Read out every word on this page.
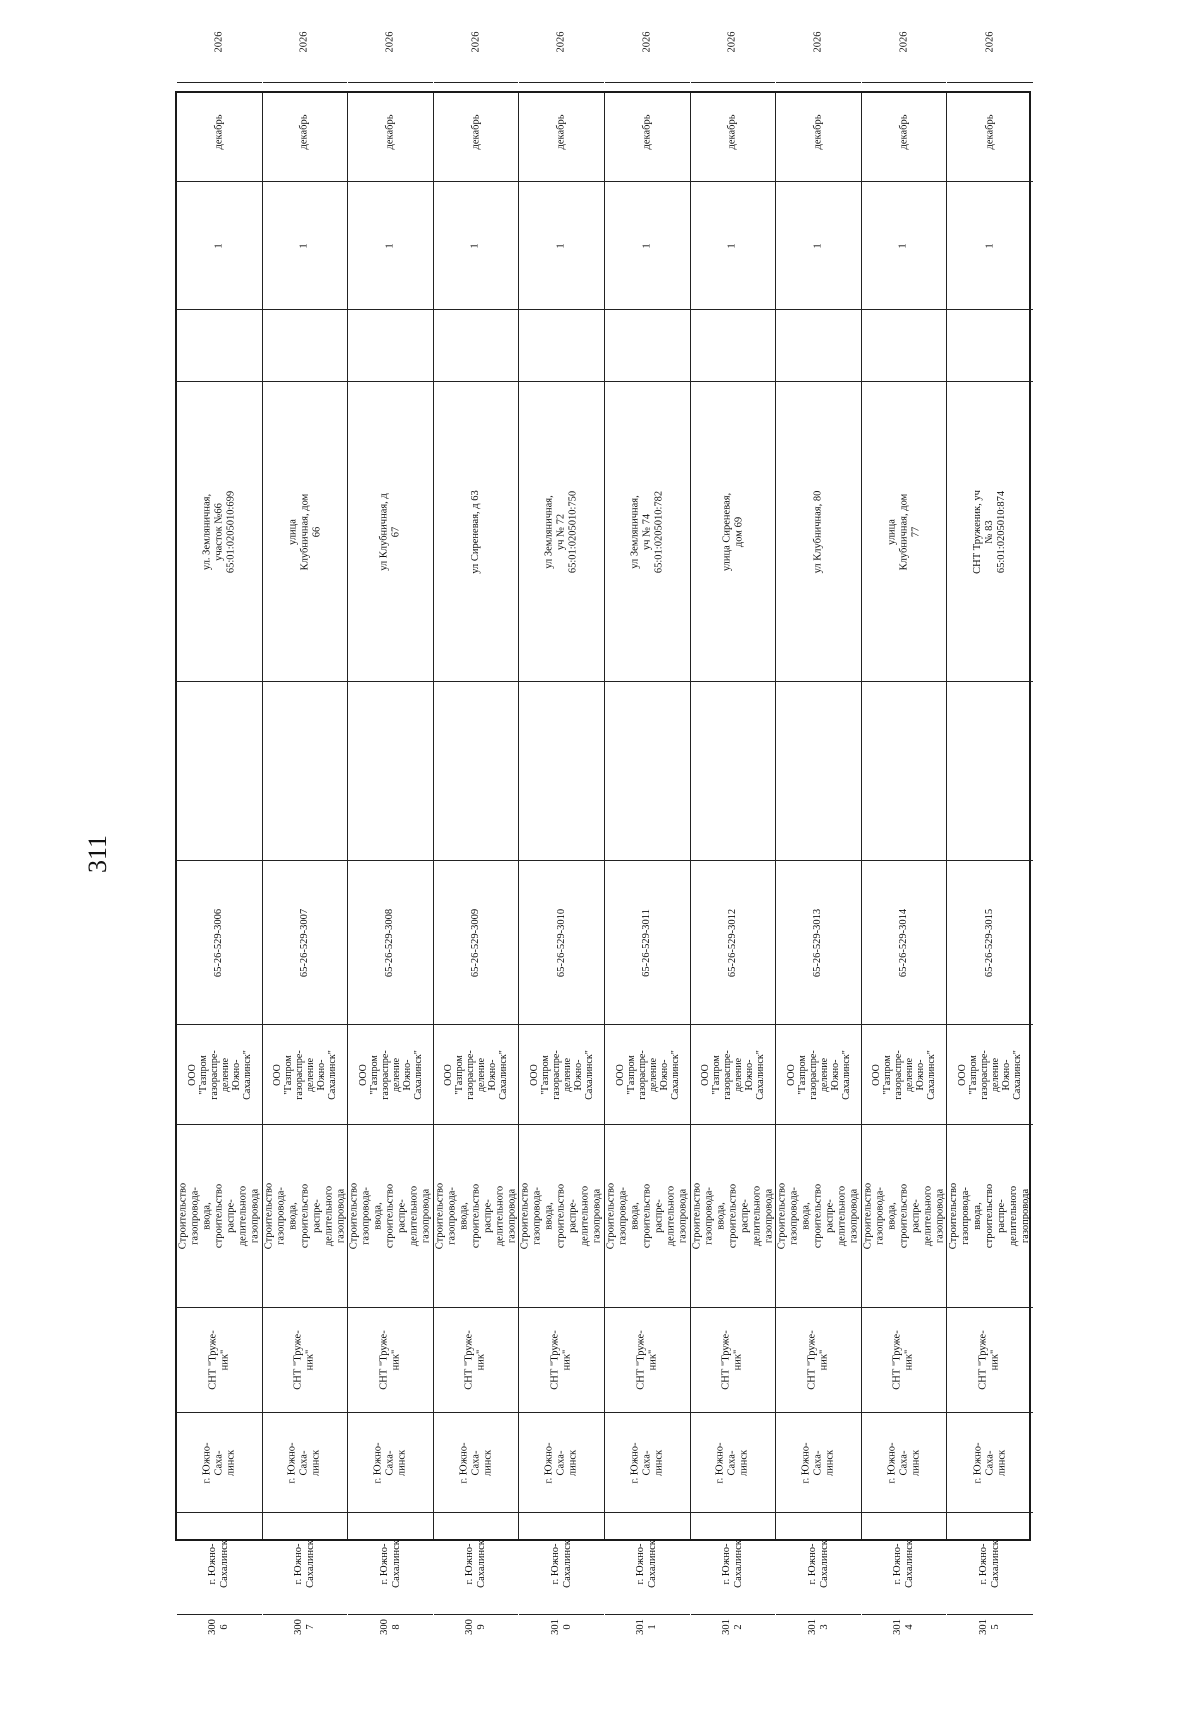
311
2026
декабрь
1
ул. Земляничная, участок №66
65:01:0205010:699
65-26-529-3006
ООО
"Газпром
газораспре-
деление
Южно-
Сахалинск"
Строительство газопровода-
ввода, строительство распре-
делительного газопровода
СНТ "Труже-
ник"
г. Южно-
Саха-
линск
г. Южно-
Сахалинск
300
6
2026
декабрь
1
улица Клубничная, дом 66
65-26-529-3007
ООО
"Газпром
газораспре-
деление
Южно-
Сахалинск"
Строительство газопровода-
ввода, строительство распре-
делительного газопровода
СНТ "Труже-
ник"
г. Южно-
Саха-
линск
г. Южно-
Сахалинск
300
7
2026
декабрь
1
ул Клубничная, д 67
65-26-529-3008
ООО
"Газпром
газораспре-
деление
Южно-
Сахалинск"
Строительство газопровода-
ввода, строительство распре-
делительного газопровода
СНТ "Труже-
ник"
г. Южно-
Саха-
линск
г. Южно-
Сахалинск
300
8
2026
декабрь
1
ул Сиреневая, д 63
65-26-529-3009
ООО
"Газпром
газораспре-
деление
Южно-
Сахалинск"
Строительство газопровода-
ввода, строительство распре-
делительного газопровода
СНТ "Труже-
ник"
г. Южно-
Саха-
линск
г. Южно-
Сахалинск
300
9
2026
декабрь
1
ул Земляничная, уч № 72
65:01:0205010:750
65-26-529-3010
ООО
"Газпром
газораспре-
деление
Южно-
Сахалинск"
Строительство газопровода-
ввода, строительство распре-
делительного газопровода
СНТ "Труже-
ник"
г. Южно-
Саха-
линск
г. Южно-
Сахалинск
301
0
2026
декабрь
1
ул Земляничная, уч № 74
65:01:0205010:782
65-26-529-3011
ООО
"Газпром
газораспре-
деление
Южно-
Сахалинск"
Строительство газопровода-
ввода, строительство распре-
делительного газопровода
СНТ "Труже-
ник"
г. Южно-
Саха-
линск
г. Южно-
Сахалинск
301
1
2026
декабрь
1
улица Сиреневая, дом 69
65-26-529-3012
ООО
"Газпром
газораспре-
деление
Южно-
Сахалинск"
Строительство газопровода-
ввода, строительство распре-
делительного газопровода
СНТ "Труже-
ник"
г. Южно-
Саха-
линск
г. Южно-
Сахалинск
301
2
2026
декабрь
1
ул Клубничная, 80
65-26-529-3013
ООО
"Газпром
газораспре-
деление
Южно-
Сахалинск"
Строительство газопровода-
ввода, строительство распре-
делительного газопровода
СНТ "Труже-
ник"
г. Южно-
Саха-
линск
г. Южно-
Сахалинск
301
3
2026
декабрь
1
улица Клубничная, дом 77
65-26-529-3014
ООО
"Газпром
газораспре-
деление
Южно-
Сахалинск"
Строительство газопровода-
ввода, строительство распре-
делительного газопровода
СНТ "Труже-
ник"
г. Южно-
Саха-
линск
г. Южно-
Сахалинск
301
4
2026
декабрь
1
СНТ Труженик, уч № 83
65:01:0205010:874
65-26-529-3015
ООО
"Газпром
газораспре-
деление
Южно-
Сахалинск"
Строительство газопровода-
ввода, строительство распре-
делительного газопровода
СНТ "Труже-
ник"
г. Южно-
Саха-
линск
г. Южно-
Сахалинск
301
5
